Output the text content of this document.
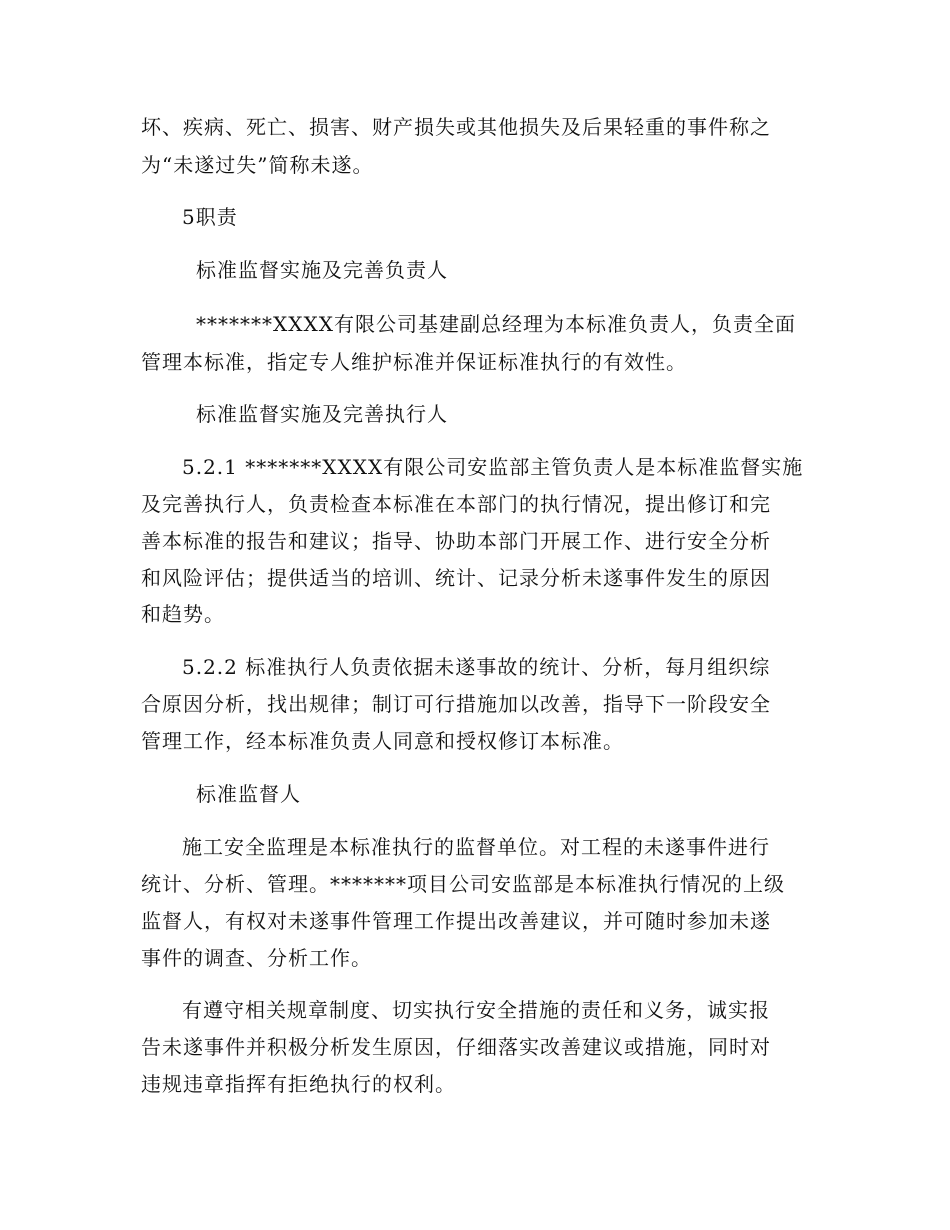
坏、疾病、死亡、损害、财产损失或其他损失及后果轻重的事件称之
为“未遂过失”简称未遂。
5职责
标准监督实施及完善负责人
*******XXXX有限公司基建副总经理为本标准负责人，负责全面
管理本标准，指定专人维护标准并保证标准执行的有效性。
标准监督实施及完善执行人
5.2.1 *******XXXX有限公司安监部主管负责人是本标准监督实施
及完善执行人，负责检查本标准在本部门的执行情况，提出修订和完
善本标准的报告和建议；指导、协助本部门开展工作、进行安全分析
和风险评估；提供适当的培训、统计、记录分析未遂事件发生的原因
和趋势。
5.2.2 标准执行人负责依据未遂事故的统计、分析，每月组织综
合原因分析，找出规律；制订可行措施加以改善，指导下一阶段安全
管理工作，经本标准负责人同意和授权修订本标准。
标准监督人
施工安全监理是本标准执行的监督单位。对工程的未遂事件进行
统计、分析、管理。*******项目公司安监部是本标准执行情况的上级
监督人，有权对未遂事件管理工作提出改善建议，并可随时参加未遂
事件的调查、分析工作。
有遵守相关规章制度、切实执行安全措施的责任和义务，诚实报
告未遂事件并积极分析发生原因，仔细落实改善建议或措施，同时对
违规违章指挥有拒绝执行的权利。
